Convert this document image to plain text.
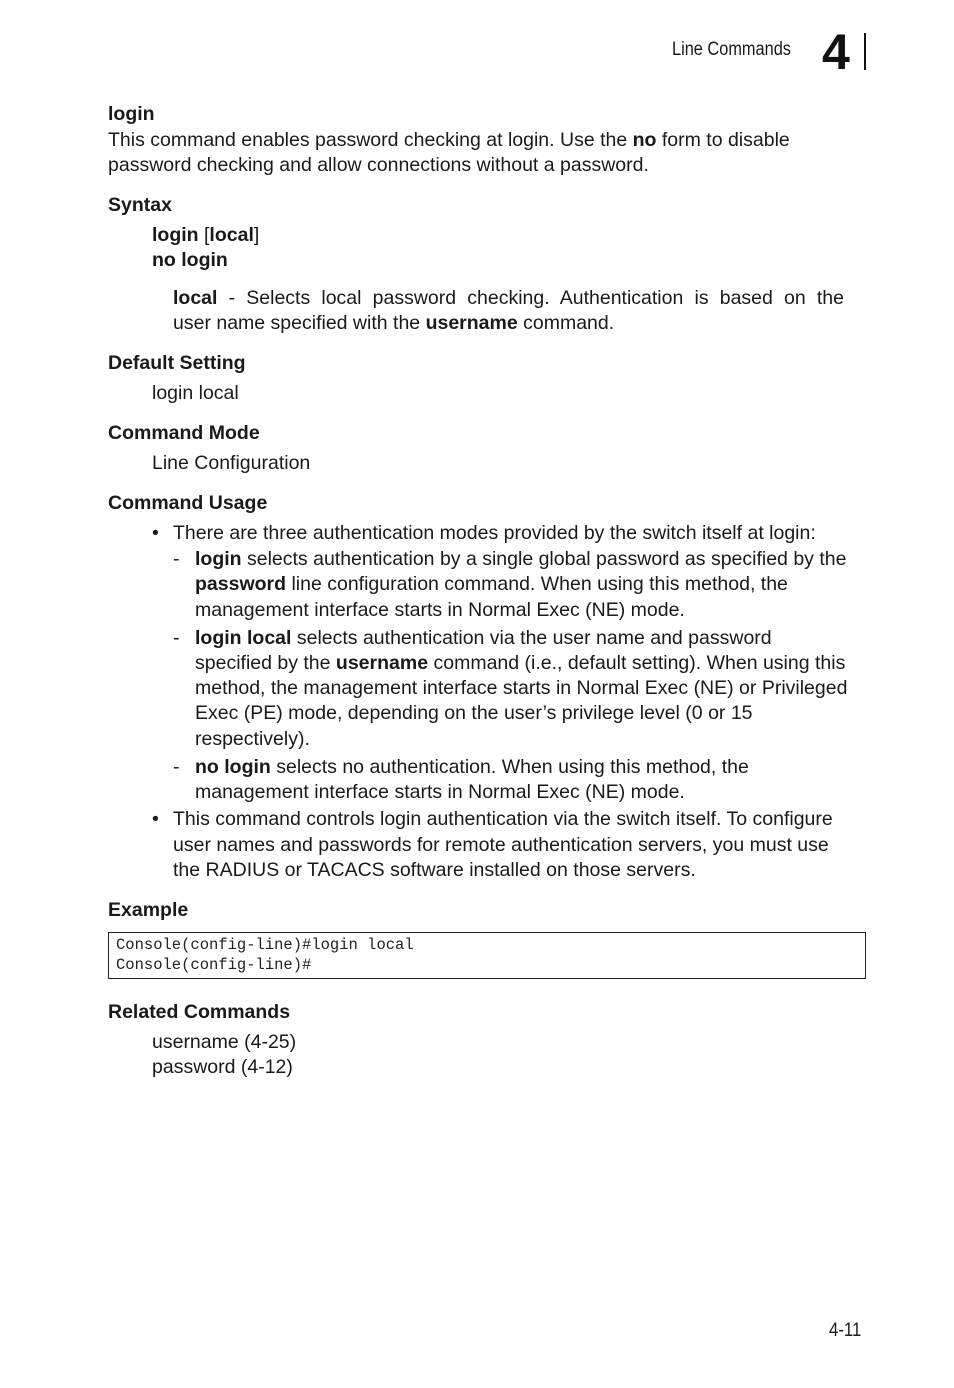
Line Commands 4
login
This command enables password checking at login. Use the no form to disable
password checking and allow connections without a password.
Syntax
login [local]
no login
local - Selects local password checking. Authentication is based on the
user name specified with the username command.
Default Setting
login local
Command Mode
Line Configuration
Command Usage
• There are three authentication modes provided by the switch itself at login:
- login selects authentication by a single global password as specified by the
password line configuration command. When using this method, the
management interface starts in Normal Exec (NE) mode.
- login local selects authentication via the user name and password
specified by the username command (i.e., default setting). When using this
method, the management interface starts in Normal Exec (NE) or Privileged
Exec (PE) mode, depending on the user’s privilege level (0 or 15
respectively).
- no login selects no authentication. When using this method, the
management interface starts in Normal Exec (NE) mode.
• This command controls login authentication via the switch itself. To configure
user names and passwords for remote authentication servers, you must use
the RADIUS or TACACS software installed on those servers.
Example
Console(config-line)#login local
Console(config-line)#
Related Commands
username (4-25)
password (4-12)
4-11
